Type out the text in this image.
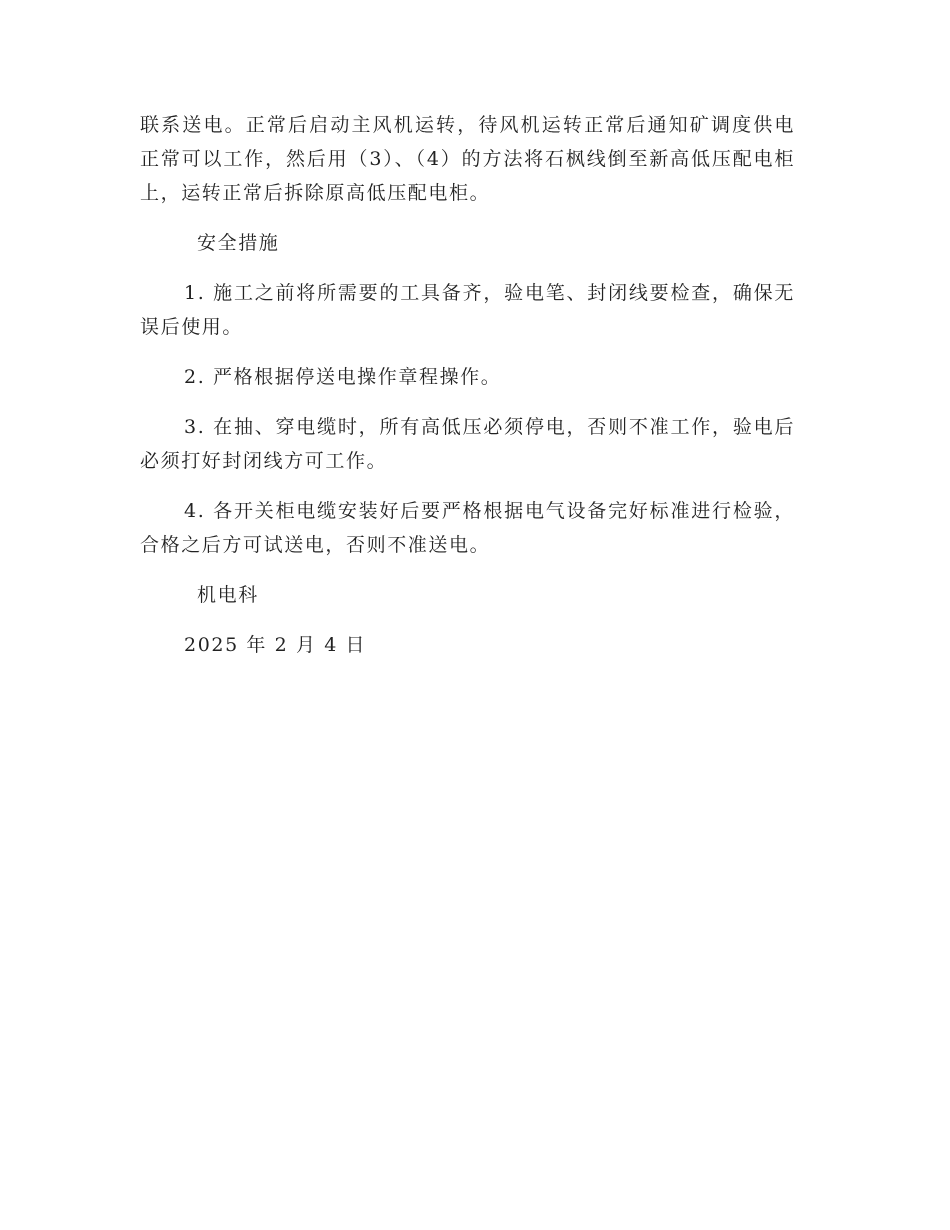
联系送电。正常后启动主风机运转，待风机运转正常后通知矿调度供电正常可以工作，然后用（3）、（4）的方法将石枫线倒至新高低压配电柜上，运转正常后拆除原高低压配电柜。

安全措施

1. 施工之前将所需要的工具备齐，验电笔、封闭线要检查，确保无误后使用。

2. 严格根据停送电操作章程操作。

3. 在抽、穿电缆时，所有高低压必须停电，否则不准工作，验电后必须打好封闭线方可工作。

4. 各开关柜电缆安装好后要严格根据电气设备完好标准进行检验，合格之后方可试送电，否则不准送电。

机电科

2025 年 2 月 4 日
